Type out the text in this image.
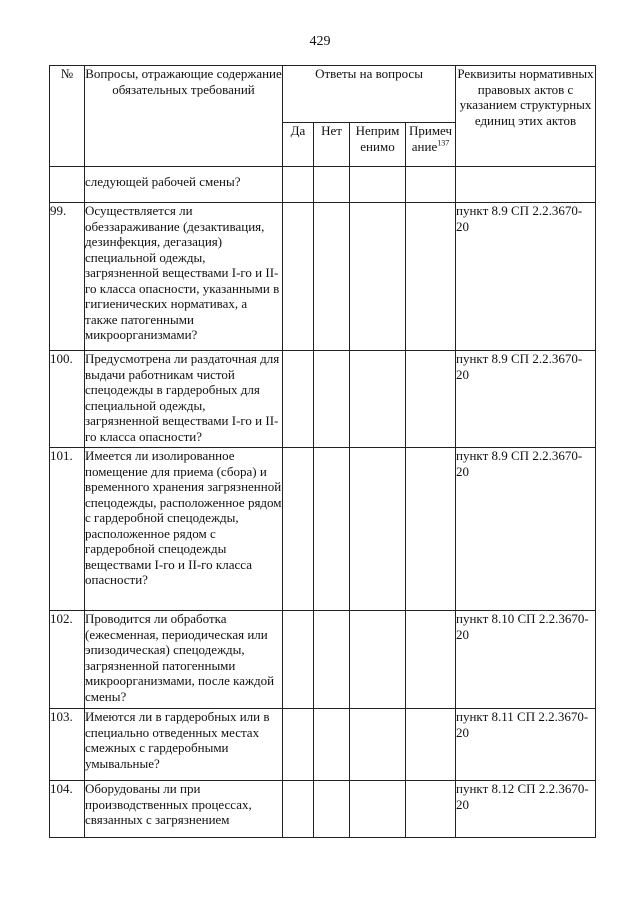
429
№	Вопросы, отражающие содержание обязательных требований	Ответы на вопросы				Реквизиты нормативных правовых актов с указанием структурных единиц этих актов
		Да	Нет	Неприм енимо	Примеч ание$^{137}$
	следующей рабочей смены?					
99.	Осуществляется ли обеззараживание (дезактивация, дезинфекция, дегазация) специальной одежды, загрязненной веществами I-го и II-го класса опасности, указанными в гигиенических нормативах, а также патогенными микроорганизмами?					пункт 8.9 СП 2.2.3670-20
100.	Предусмотрена ли раздаточная для выдачи работникам чистой спецодежды в гардеробных для специальной одежды, загрязненной веществами I-го и II-го класса опасности?					пункт 8.9 СП 2.2.3670-20
101.	Имеется ли изолированное помещение для приема (сбора) и временного хранения загрязненной спецодежды, расположенное рядом с гардеробной спецодежды, расположенное рядом с гардеробной спецодежды веществами I-го и II-го класса опасности?					пункт 8.9 СП 2.2.3670-20
102.	Проводится ли обработка (ежесменная, периодическая или эпизодическая) спецодежды, загрязненной патогенными микроорганизмами, после каждой смены?					пункт 8.10 СП 2.2.3670-20
103.	Имеются ли в гардеробных или в специально отведенных местах смежных с гардеробными умывальные?					пункт 8.11 СП 2.2.3670-20
104.	Оборудованы ли при производственных процессах, связанных с загрязнением					пункт 8.12 СП 2.2.3670-20
